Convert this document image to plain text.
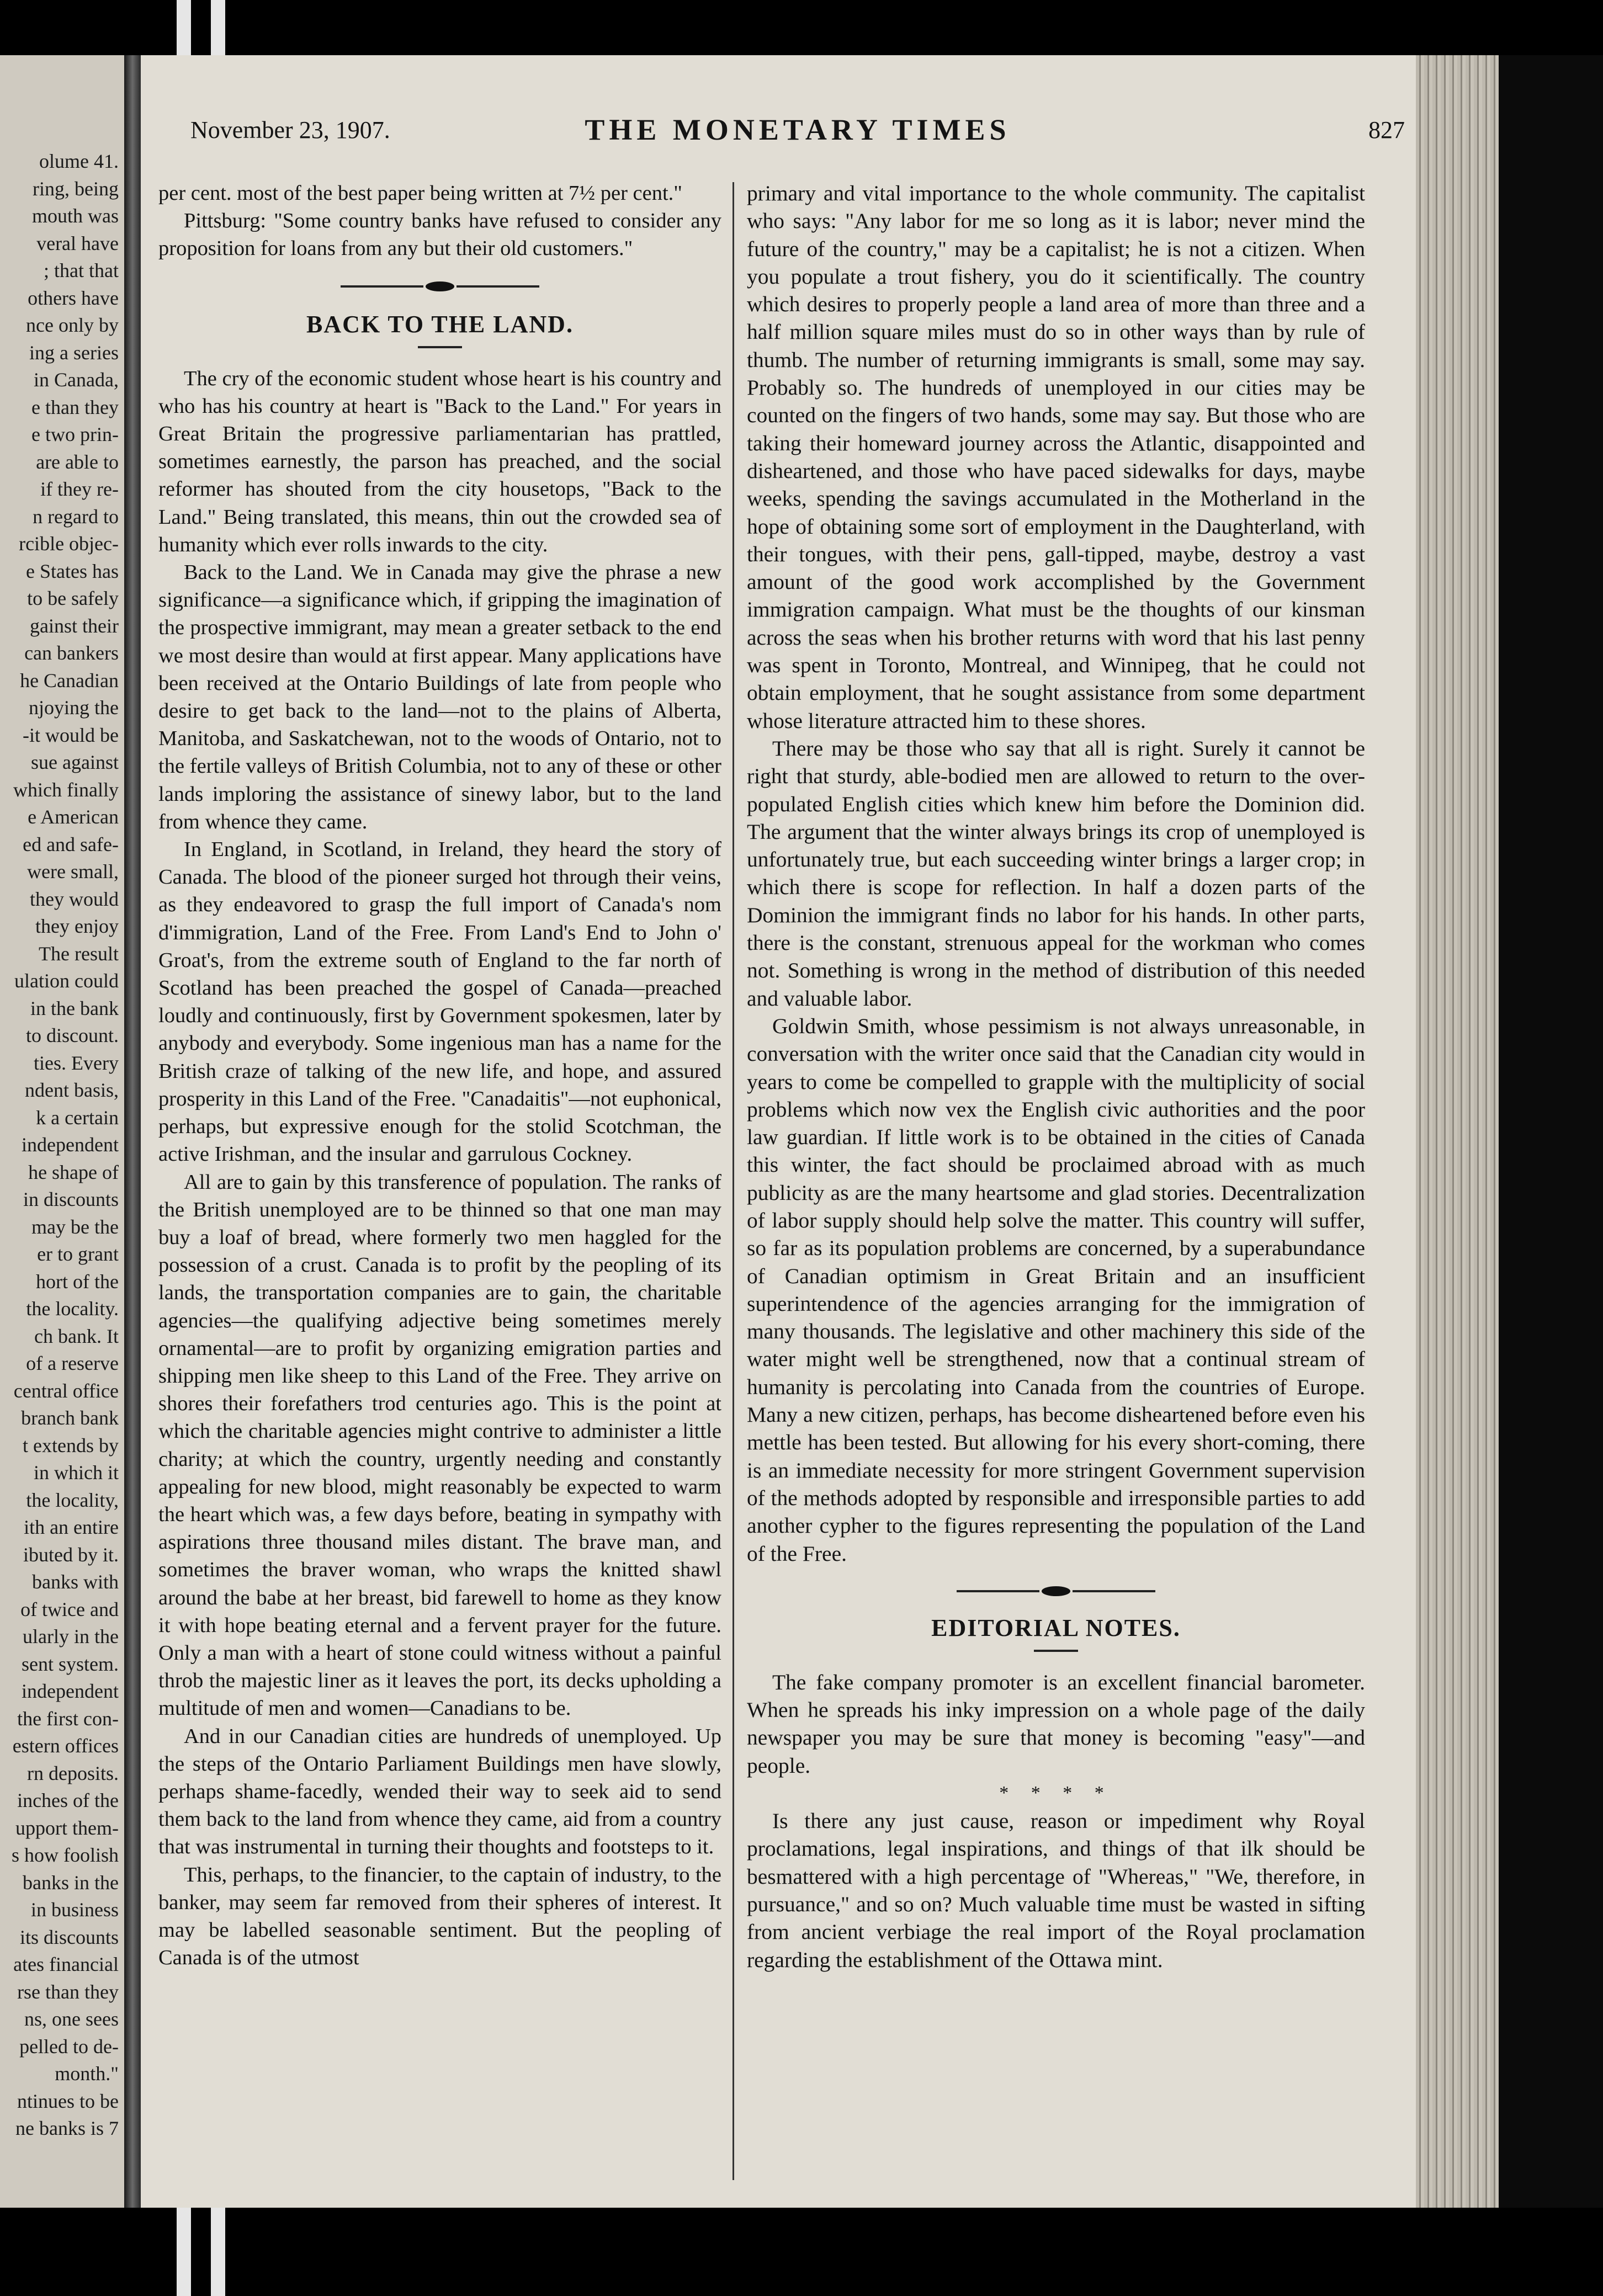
olume 41.
ring, being
mouth was
veral have
; that that
others have
nce only by
ing a series
in Canada,
e than they
e two prin-
are able to
if they re-
n regard to
rcible objec-
e States has
to be safely
gainst their
can bankers
he Canadian
njoying the
-it would be
sue against
which finally
e American
ed and safe-
were small,
they would
they enjoy
The result
ulation could
in the bank
to discount.
ties. Every
ndent basis,
k a certain
independent
he shape of
in discounts
may be the
er to grant
hort of the
the locality.
ch bank. It
of a reserve
central office
branch bank
t extends by
in which it
the locality,
ith an entire
ibuted by it.
banks with
of twice and
ularly in the
sent system.
independent
the first con-
estern offices
rn deposits.
inches of the
upport them-
s how foolish
banks in the
in business
its discounts
ates financial
rse than they
ns, one sees
pelled to de-
month."
ntinues to be
ne banks is 7
November 23, 1907.	THE MONETARY TIMES	827

per cent. most of the best paper being written at 7½ per cent."

Pittsburg: "Some country banks have refused to consider any proposition for loans from any but their old customers."

BACK TO THE LAND.

The cry of the economic student whose heart is his country and who has his country at heart is "Back to the Land." For years in Great Britain the progressive parliamentarian has prattled, sometimes earnestly, the parson has preached, and the social reformer has shouted from the city housetops, "Back to the Land." Being translated, this means, thin out the crowded sea of humanity which ever rolls inwards to the city.

Back to the Land. We in Canada may give the phrase a new significance—a significance which, if gripping the imagination of the prospective immigrant, may mean a greater setback to the end we most desire than would at first appear. Many applications have been received at the Ontario Buildings of late from people who desire to get back to the land—not to the plains of Alberta, Manitoba, and Saskatchewan, not to the woods of Ontario, not to the fertile valleys of British Columbia, not to any of these or other lands imploring the assistance of sinewy labor, but to the land from whence they came.

In England, in Scotland, in Ireland, they heard the story of Canada. The blood of the pioneer surged hot through their veins, as they endeavored to grasp the full import of Canada's nom d'immigration, Land of the Free. From Land's End to John o' Groat's, from the extreme south of England to the far north of Scotland has been preached the gospel of Canada—preached loudly and continuously, first by Government spokesmen, later by anybody and everybody. Some ingenious man has a name for the British craze of talking of the new life, and hope, and assured prosperity in this Land of the Free. "Canadaitis"—not euphonical, perhaps, but expressive enough for the stolid Scotchman, the active Irishman, and the insular and garrulous Cockney.

All are to gain by this transference of population. The ranks of the British unemployed are to be thinned so that one man may buy a loaf of bread, where formerly two men haggled for the possession of a crust. Canada is to profit by the peopling of its lands, the transportation companies are to gain, the charitable agencies—the qualifying adjective being sometimes merely ornamental—are to profit by organizing emigration parties and shipping men like sheep to this Land of the Free. They arrive on shores their forefathers trod centuries ago. This is the point at which the charitable agencies might contrive to administer a little charity; at which the country, urgently needing and constantly appealing for new blood, might reasonably be expected to warm the heart which was, a few days before, beating in sympathy with aspirations three thousand miles distant. The brave man, and sometimes the braver woman, who wraps the knitted shawl around the babe at her breast, bid farewell to home as they know it with hope beating eternal and a fervent prayer for the future. Only a man with a heart of stone could witness without a painful throb the majestic liner as it leaves the port, its decks upholding a multitude of men and women—Canadians to be.

And in our Canadian cities are hundreds of unemployed. Up the steps of the Ontario Parliament Buildings men have slowly, perhaps shame-facedly, wended their way to seek aid to send them back to the land from whence they came, aid from a country that was instrumental in turning their thoughts and footsteps to it.

This, perhaps, to the financier, to the captain of industry, to the banker, may seem far removed from their spheres of interest. It may be labelled seasonable sentiment. But the peopling of Canada is of the utmost

primary and vital importance to the whole community. The capitalist who says: "Any labor for me so long as it is labor; never mind the future of the country," may be a capitalist; he is not a citizen. When you populate a trout fishery, you do it scientifically. The country which desires to properly people a land area of more than three and a half million square miles must do so in other ways than by rule of thumb. The number of returning immigrants is small, some may say. Probably so. The hundreds of unemployed in our cities may be counted on the fingers of two hands, some may say. But those who are taking their homeward journey across the Atlantic, disappointed and disheartened, and those who have paced sidewalks for days, maybe weeks, spending the savings accumulated in the Motherland in the hope of obtaining some sort of employment in the Daughterland, with their tongues, with their pens, gall-tipped, maybe, destroy a vast amount of the good work accomplished by the Government immigration campaign. What must be the thoughts of our kinsman across the seas when his brother returns with word that his last penny was spent in Toronto, Montreal, and Winnipeg, that he could not obtain employment, that he sought assistance from some department whose literature attracted him to these shores.

There may be those who say that all is right. Surely it cannot be right that sturdy, able-bodied men are allowed to return to the over-populated English cities which knew him before the Dominion did. The argument that the winter always brings its crop of unemployed is unfortunately true, but each succeeding winter brings a larger crop; in which there is scope for reflection. In half a dozen parts of the Dominion the immigrant finds no labor for his hands. In other parts, there is the constant, strenuous appeal for the workman who comes not. Something is wrong in the method of distribution of this needed and valuable labor.

Goldwin Smith, whose pessimism is not always unreasonable, in conversation with the writer once said that the Canadian city would in years to come be compelled to grapple with the multiplicity of social problems which now vex the English civic authorities and the poor law guardian. If little work is to be obtained in the cities of Canada this winter, the fact should be proclaimed abroad with as much publicity as are the many heartsome and glad stories. Decentralization of labor supply should help solve the matter. This country will suffer, so far as its population problems are concerned, by a superabundance of Canadian optimism in Great Britain and an insufficient superintendence of the agencies arranging for the immigration of many thousands. The legislative and other machinery this side of the water might well be strengthened, now that a continual stream of humanity is percolating into Canada from the countries of Europe. Many a new citizen, perhaps, has become disheartened before even his mettle has been tested. But allowing for his every short-coming, there is an immediate necessity for more stringent Government supervision of the methods adopted by responsible and irresponsible parties to add another cypher to the figures representing the population of the Land of the Free.

EDITORIAL NOTES.

The fake company promoter is an excellent financial barometer. When he spreads his inky impression on a whole page of the daily newspaper you may be sure that money is becoming "easy"—and people.

* * * *

Is there any just cause, reason or impediment why Royal proclamations, legal inspirations, and things of that ilk should be besmattered with a high percentage of "Whereas," "We, therefore, in pursuance," and so on? Much valuable time must be wasted in sifting from ancient verbiage the real import of the Royal proclamation regarding the establishment of the Ottawa mint.
